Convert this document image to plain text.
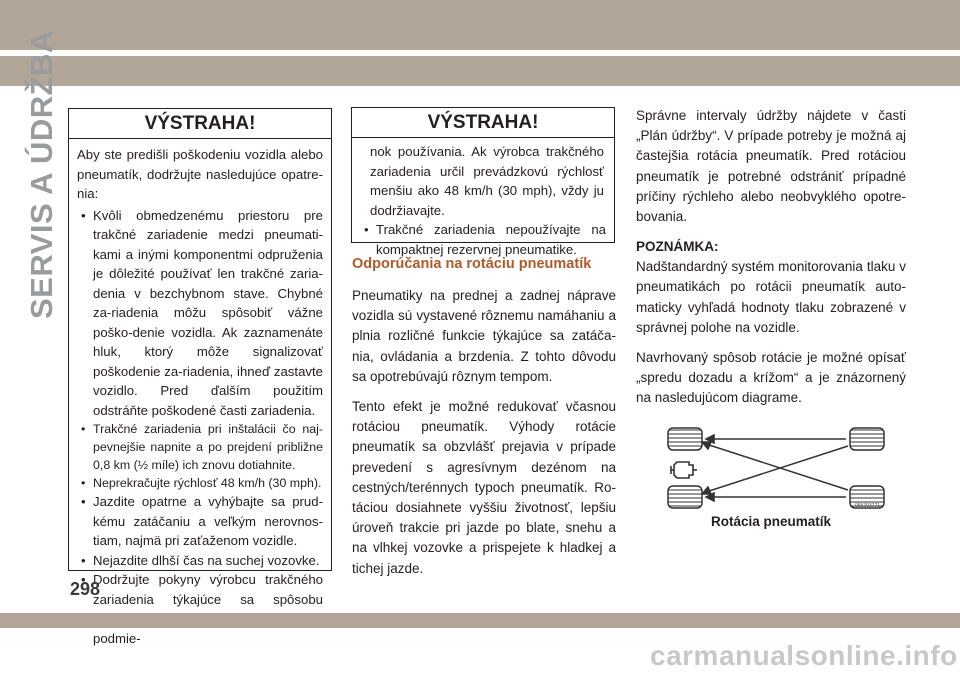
SERVIS A ÚDRŽBA	VÝSTRAHA!

Aby ste predišli poškodeniu vozidla alebo pneumatík, dodržujte nasledujúce opatre-nia:

• Kvôli obmedzenému priestoru pre trakčné zariadenie medzi pneumati-kami a inými komponentmi odpruženia je dôležité používať len trakčné zaria-denia v bezchybnom stave. Chybné za-riadenia môžu spôsobiť vážne poško-denie vozidla. Ak zaznamenáte hluk, ktorý môže signalizovať poškodenie za-riadenia, ihneď zastavte vozidlo. Pred ďalším použitím odstráňte poškodené časti zariadenia.
• Trakčné zariadenia pri inštalácii čo naj-pevnejšie napnite a po prejdení približne 0,8 km (½ míle) ich znovu dotiahnite.
• Neprekračujte rýchlosť 48 km/h (30 mph).
• Jazdite opatrne a vyhýbajte sa prud-kému zatáčaniu a veľkým nerovnos-tiam, najmä pri zaťaženom vozidle.
• Nejazdite dlhší čas na suchej vozovke.
• Dodržujte pokyny výrobcu trakčného zariadenia týkajúce sa spôsobu podmie-
VÝSTRAHA!

nok používania. Ak výrobca trakčného zariadenia určil prevádzkovú rýchlosť menšiu ako 48 km/h (30 mph), vždy ju dodržiavajte.

• Trakčné zariadenia nepoužívajte na kompaktnej rezervnej pneumatike.
Odporúčania na rotáciu pneumatík

Pneumatiky na prednej a zadnej náprave vozidla sú vystavené rôznemu namáhaniu a plnia rozličné funkcie týkajúce sa zatáča-nia, ovládania a brzdenia. Z tohto dôvodu sa opotrebúvajú rôznym tempom.

Tento efekt je možné redukovať včasnou rotáciou pneumatík. Výhody rotácie pneumatík sa obzvlášť prejavia v prípade prevedení s agresívnym dezénom na cestných/terénnych typoch pneumatík. Ro-táciou dosiahnete vyššiu životnosť, lepšiu úroveň trakcie pri jazde po blate, snehu a na vlhkej vozovke a prispejete k hladkej a tichej jazde.

Správne intervaly údržby nájdete v časti „Plán údržby“. V prípade potreby je možná aj častejšia rotácia pneumatík. Pred rotáciou pneumatík je potrebné odstrániť prípadné príčiny rýchleho alebo neobvyklého opotre-bovania.

POZNÁMKA:

Nadštandardný systém monitorovania tlaku v pneumatikách po rotácii pneumatík auto-maticky vyhľadá hodnoty tlaku zobrazené v správnej polohe na vozidle.

Navrhovaný spôsob rotácie je možné opísať „spredu dozadu a krížom“ a je znázornený na nasledujúcom diagrame.

055703771
Rotácia pneumatík
298
carmanualsonline.info
